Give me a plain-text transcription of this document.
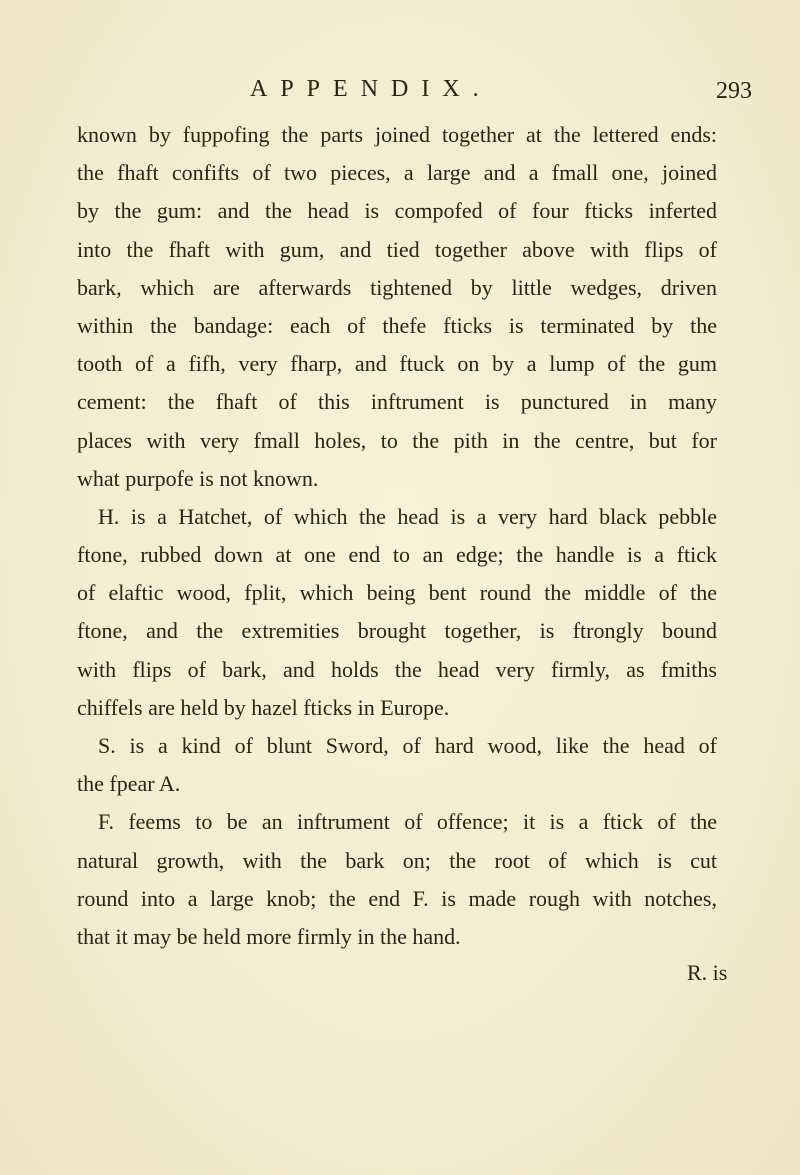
APPENDIX.	293
known by fuppofing the parts joined together at the lettered ends:
the fhaft confifts of two pieces, a large and a fmall one, joined
by the gum: and the head is compofed of four fticks inferted
into the fhaft with gum, and tied together above with flips of
bark, which are afterwards tightened by little wedges, driven
within the bandage: each of thefe fticks is terminated by the
tooth of a fifh, very fharp, and ftuck on by a lump of the gum
cement: the fhaft of this inftrument is punctured in many
places with very fmall holes, to the pith in the centre, but for
what purpofe is not known.
H. is a Hatchet, of which the head is a very hard black pebble
ftone, rubbed down at one end to an edge; the handle is a ftick
of elaftic wood, fplit, which being bent round the middle of the
ftone, and the extremities brought together, is ftrongly bound
with flips of bark, and holds the head very firmly, as fmiths
chiffels are held by hazel fticks in Europe.
S. is a kind of blunt Sword, of hard wood, like the head of
the fpear A.
F. feems to be an inftrument of offence; it is a ftick of the
natural growth, with the bark on; the root of which is cut
round into a large knob; the end F. is made rough with notches,
that it may be held more firmly in the hand.
R. is
